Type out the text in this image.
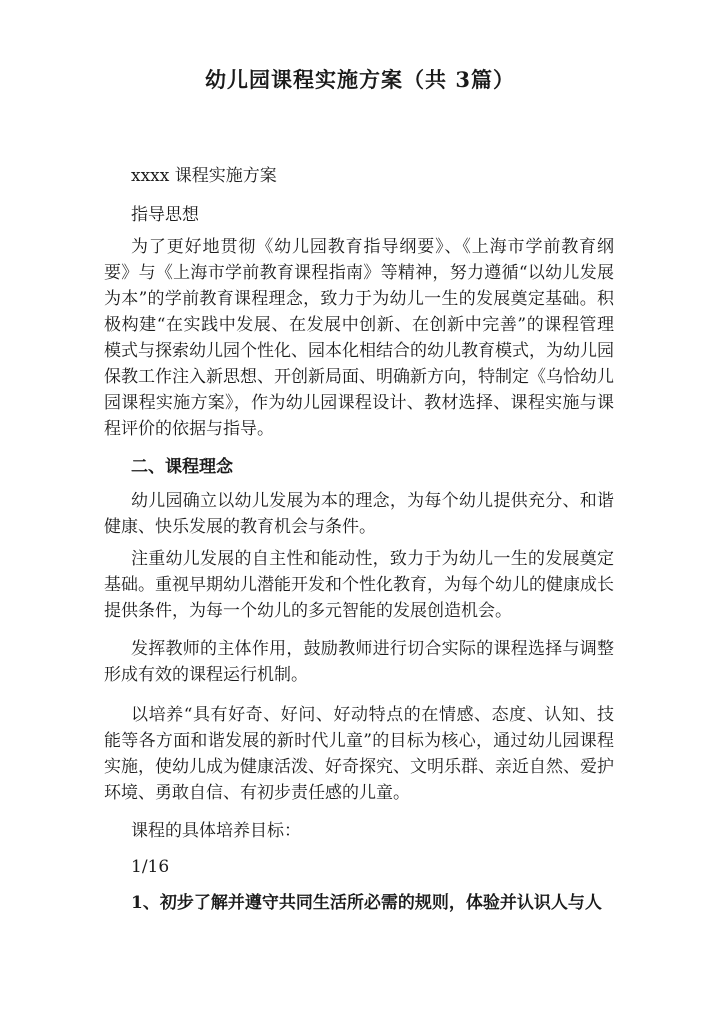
幼儿园课程实施方案（共 3篇）

xxxx 课程实施方案

指导思想

为了更好地贯彻《幼儿园教育指导纲要》、《上海市学前教育纲要》与《上海市学前教育课程指南》等精神，努力遵循“以幼儿发展为本”的学前教育课程理念，致力于为幼儿一生的发展奠定基础。积极构建“在实践中发展、在发展中创新、在创新中完善”的课程管理模式与探索幼儿园个性化、园本化相结合的幼儿教育模式，为幼儿园保教工作注入新思想、开创新局面、明确新方向，特制定《乌恰幼儿园课程实施方案》，作为幼儿园课程设计、教材选择、课程实施与课程评价的依据与指导。

二、课程理念

幼儿园确立以幼儿发展为本的理念，为每个幼儿提供充分、和谐健康、快乐发展的教育机会与条件。

注重幼儿发展的自主性和能动性，致力于为幼儿一生的发展奠定基础。重视早期幼儿潜能开发和个性化教育，为每个幼儿的健康成长提供条件，为每一个幼儿的多元智能的发展创造机会。

发挥教师的主体作用，鼓励教师进行切合实际的课程选择与调整形成有效的课程运行机制。

以培养“具有好奇、好问、好动特点的在情感、态度、认知、技能等各方面和谐发展的新时代儿童”的目标为核心，通过幼儿园课程实施，使幼儿成为健康活泼、好奇探究、文明乐群、亲近自然、爱护环境、勇敢自信、有初步责任感的儿童。

课程的具体培养目标：

1/16

1、初步了解并遵守共同生活所必需的规则，体验并认识人与人
